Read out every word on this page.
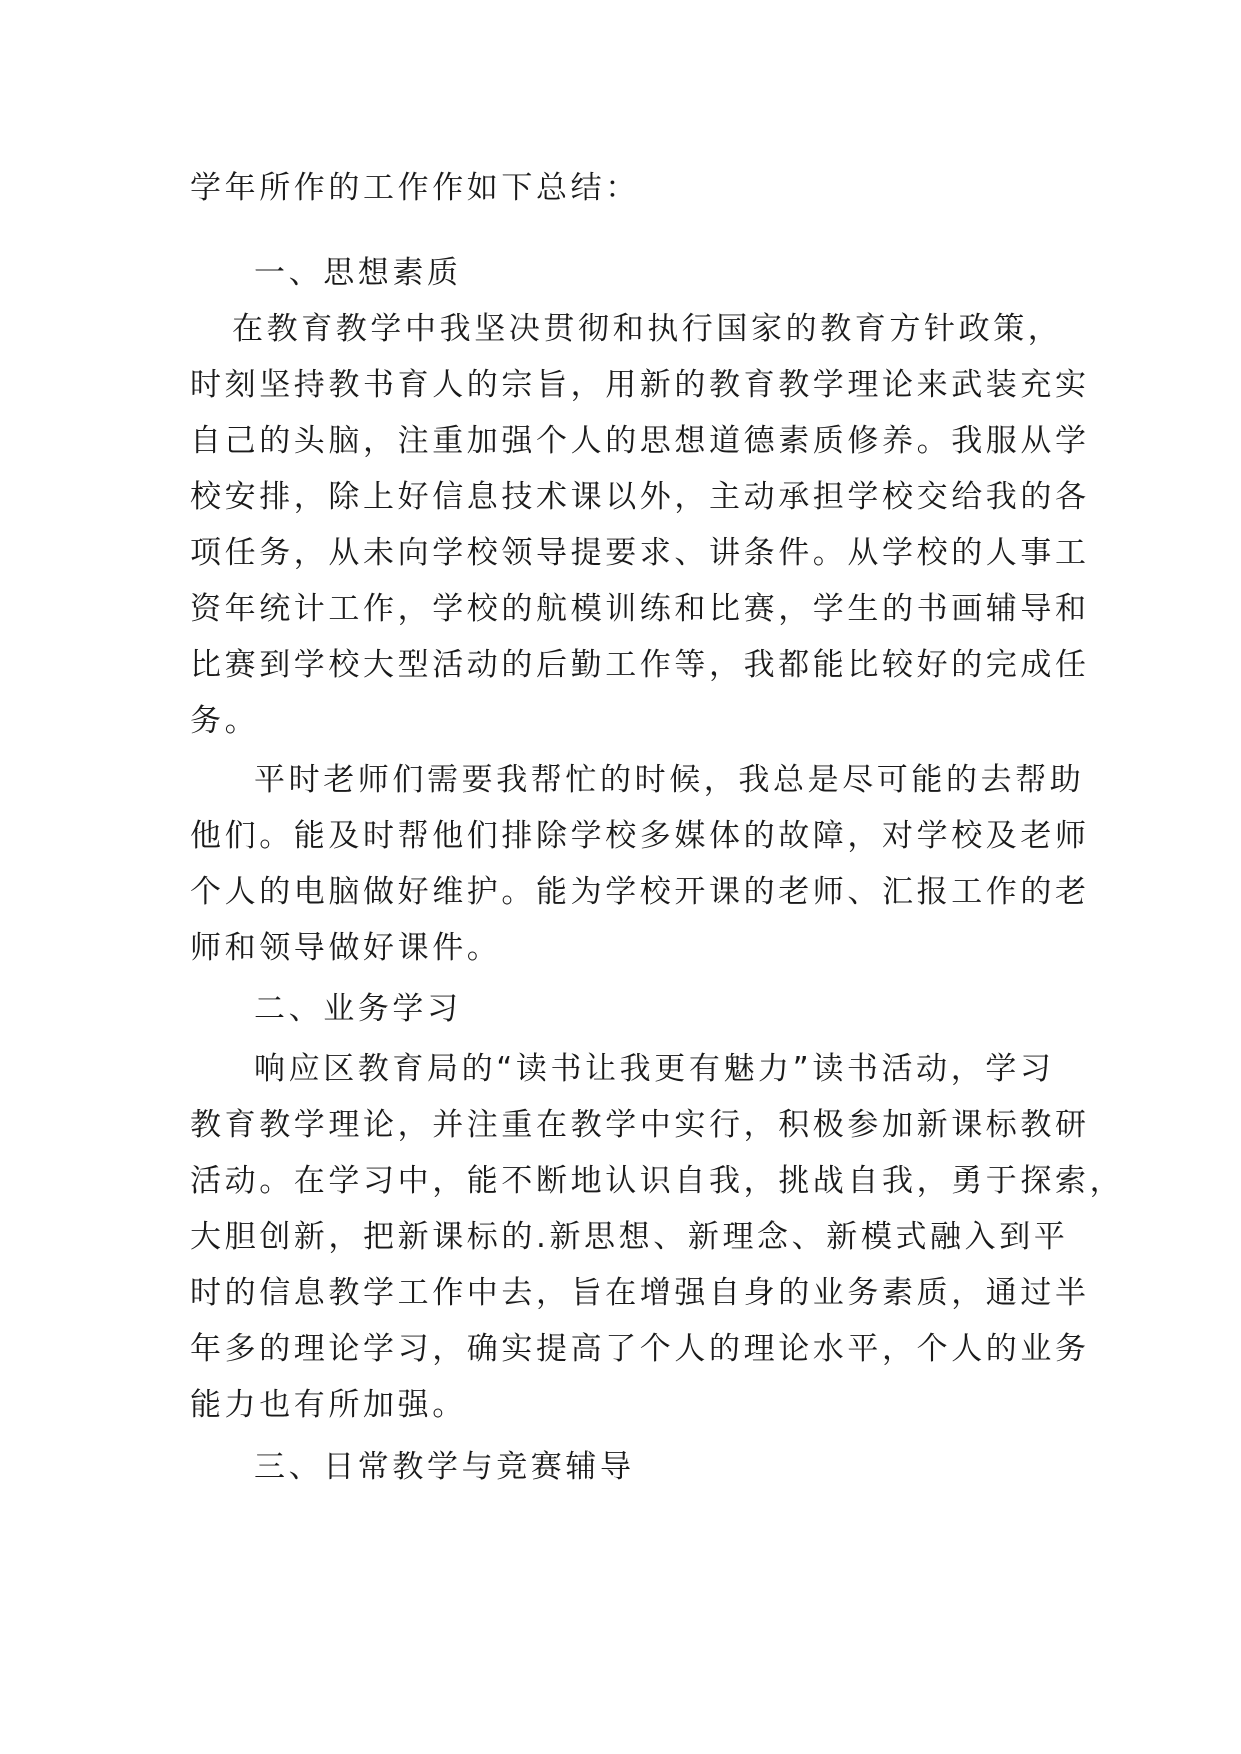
学年所作的工作作如下总结：

一、思想素质

在教育教学中我坚决贯彻和执行国家的教育方针政策，

时刻坚持教书育人的宗旨，用新的教育教学理论来武装充实

自己的头脑，注重加强个人的思想道德素质修养。我服从学

校安排，除上好信息技术课以外，主动承担学校交给我的各

项任务，从未向学校领导提要求、讲条件。从学校的人事工

资年统计工作，学校的航模训练和比赛，学生的书画辅导和

比赛到学校大型活动的后勤工作等，我都能比较好的完成任

务。

平时老师们需要我帮忙的时候，我总是尽可能的去帮助

他们。能及时帮他们排除学校多媒体的故障，对学校及老师

个人的电脑做好维护。能为学校开课的老师、汇报工作的老

师和领导做好课件。

二、业务学习

响应区教育局的“读书让我更有魅力”读书活动，学习

教育教学理论，并注重在教学中实行，积极参加新课标教研

活动。在学习中，能不断地认识自我，挑战自我，勇于探索，

大胆创新，把新课标的.新思想、新理念、新模式融入到平

时的信息教学工作中去，旨在增强自身的业务素质，通过半

年多的理论学习，确实提高了个人的理论水平，个人的业务

能力也有所加强。

三、日常教学与竞赛辅导
